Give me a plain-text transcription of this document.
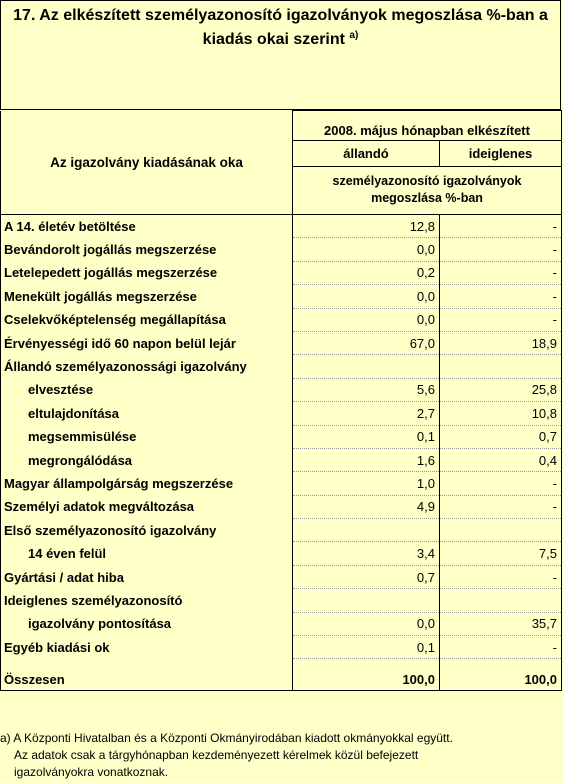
17. Az elkészített személyazonosító igazolványok megoszlása %-ban a
kiadás okai szerint $^{a)}$
Az igazolvány kiadásának oka	2008. május hónapban elkészített	
	állandó	ideiglenes

	személyazonosító igazolványok
megoszlása %-ban	

A 14. életév betöltése	12,8	-
Bevándorolt jogállás megszerzése	0,0	-
Letelepedett jogállás megszerzése	0,2	-
Menekült jogállás megszerzése	0,0	-
Cselekvőképtelenség megállapítása	0,0	-
Érvényességi idő 60 napon belül lejár	67,0	18,9
Állandó személyazonossági igazolvány		
elvesztése	5,6	25,8
eltulajdonítása	2,7	10,8
megsemmisülése	0,1	0,7
megrongálódása	1,6	0,4
Magyar állampolgárság megszerzése	1,0	-
Személyi adatok megváltozása	4,9	-
Első személyazonosító igazolvány		
14 éven felül	3,4	7,5
Gyártási / adat hiba	0,7	-
Ideiglenes személyazonosító		
igazolvány pontosítása	0,0	35,7
Egyéb kiadási ok	0,1	-
Összesen	100,0	100,0
a) A Központi Hivatalban és a Központi Okmányirodában kiadott okmányokkal együtt.
Az adatok csak a tárgyhónapban kezdeményezett kérelmek közül befejezett
igazolványokra vonatkoznak.
